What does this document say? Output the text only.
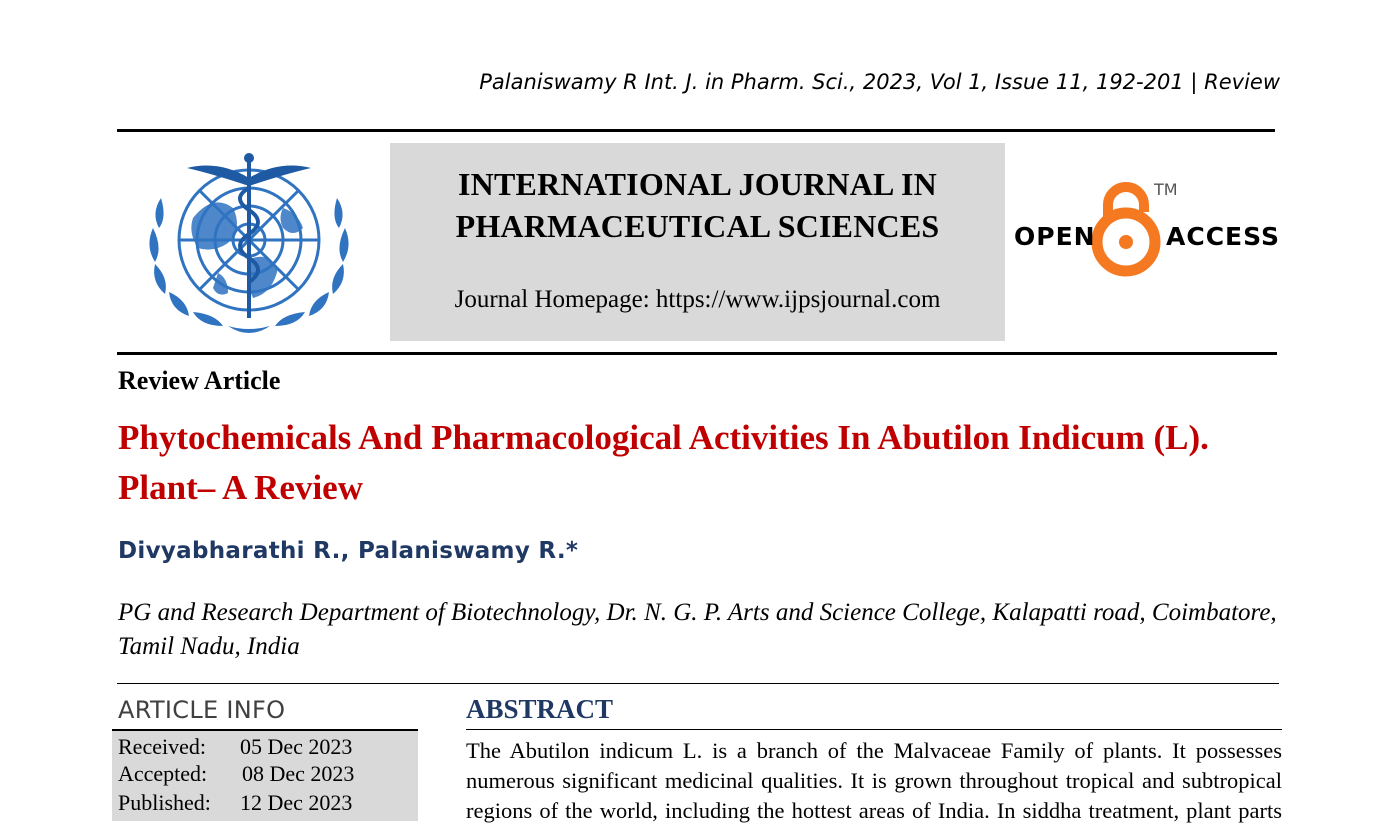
Palaniswamy R Int. J. in Pharm. Sci., 2023, Vol 1, Issue 11, 192-201 | Review
INTERNATIONAL JOURNAL IN
PHARMACEUTICAL SCIENCES
Journal Homepage: https://www.ijpsjournal.com
OPEN	ACCESS
TM
Review Article
Phytochemicals And Pharmacological Activities In Abutilon Indicum (L). Plant– A Review
Divyabharathi R., Palaniswamy R.*
PG and Research Department of Biotechnology, Dr. N. G. P. Arts and Science College, Kalapatti road, Coimbatore, Tamil Nadu, India
ARTICLE INFO
Received: 05 Dec 2023
Accepted: 08 Dec 2023
Published: 12 Dec 2023
ABSTRACT
The Abutilon indicum L. is a branch of the Malvaceae Family of plants. It possesses
numerous significant medicinal qualities. It is grown throughout tropical and subtropical
regions of the world, including the hottest areas of India. In siddha treatment, plant parts
